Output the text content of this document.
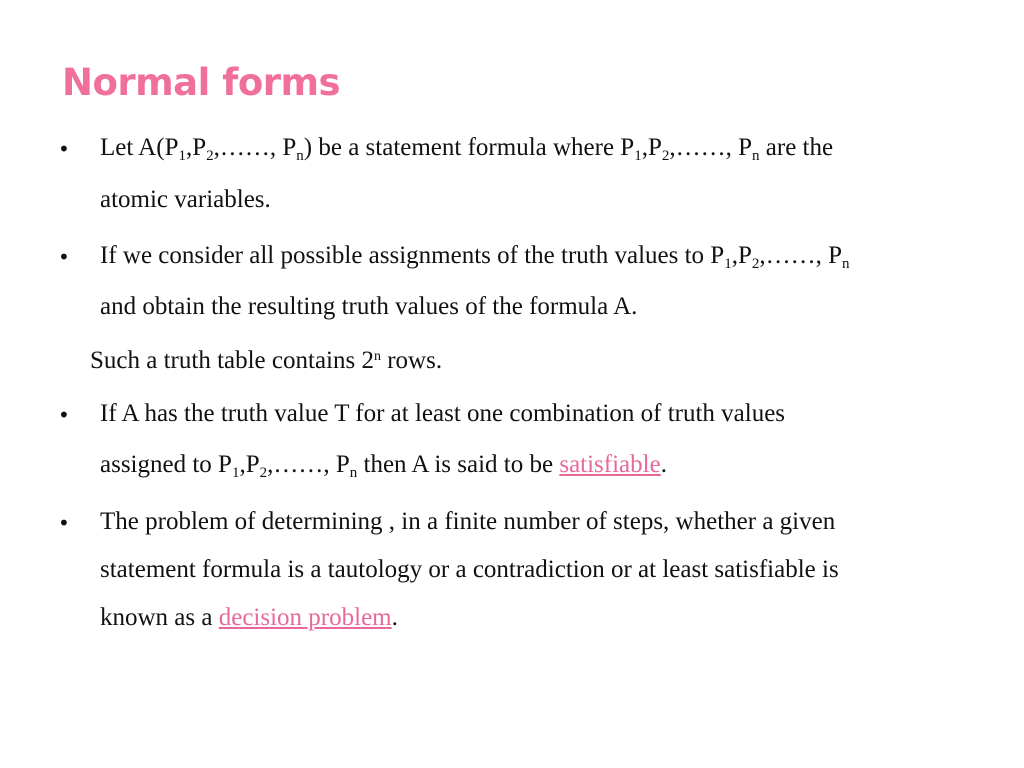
Normal forms
• Let $A(P_1,P_2,\dots\dots$, $P_n$) be a statement formula where $P_1,P_2,\dots\dots$, $P_n$ are the
atomic variables.
• If we consider all possible assignments of the truth values to $P_1,P_2,\dots\dots$, $P_n$
and obtain the resulting truth values of the formula A.
Such a truth table contains 2$^n$ rows.
• If A has the truth value T for at least one combination of truth values
assigned to $P_1,P_2,\dots\dots$, $P_n$ then A is said to be satisfiable.
• The problem of determining , in a finite number of steps, whether a given
statement formula is a tautology or a contradiction or at least satisfiable is
known as a decision problem.
